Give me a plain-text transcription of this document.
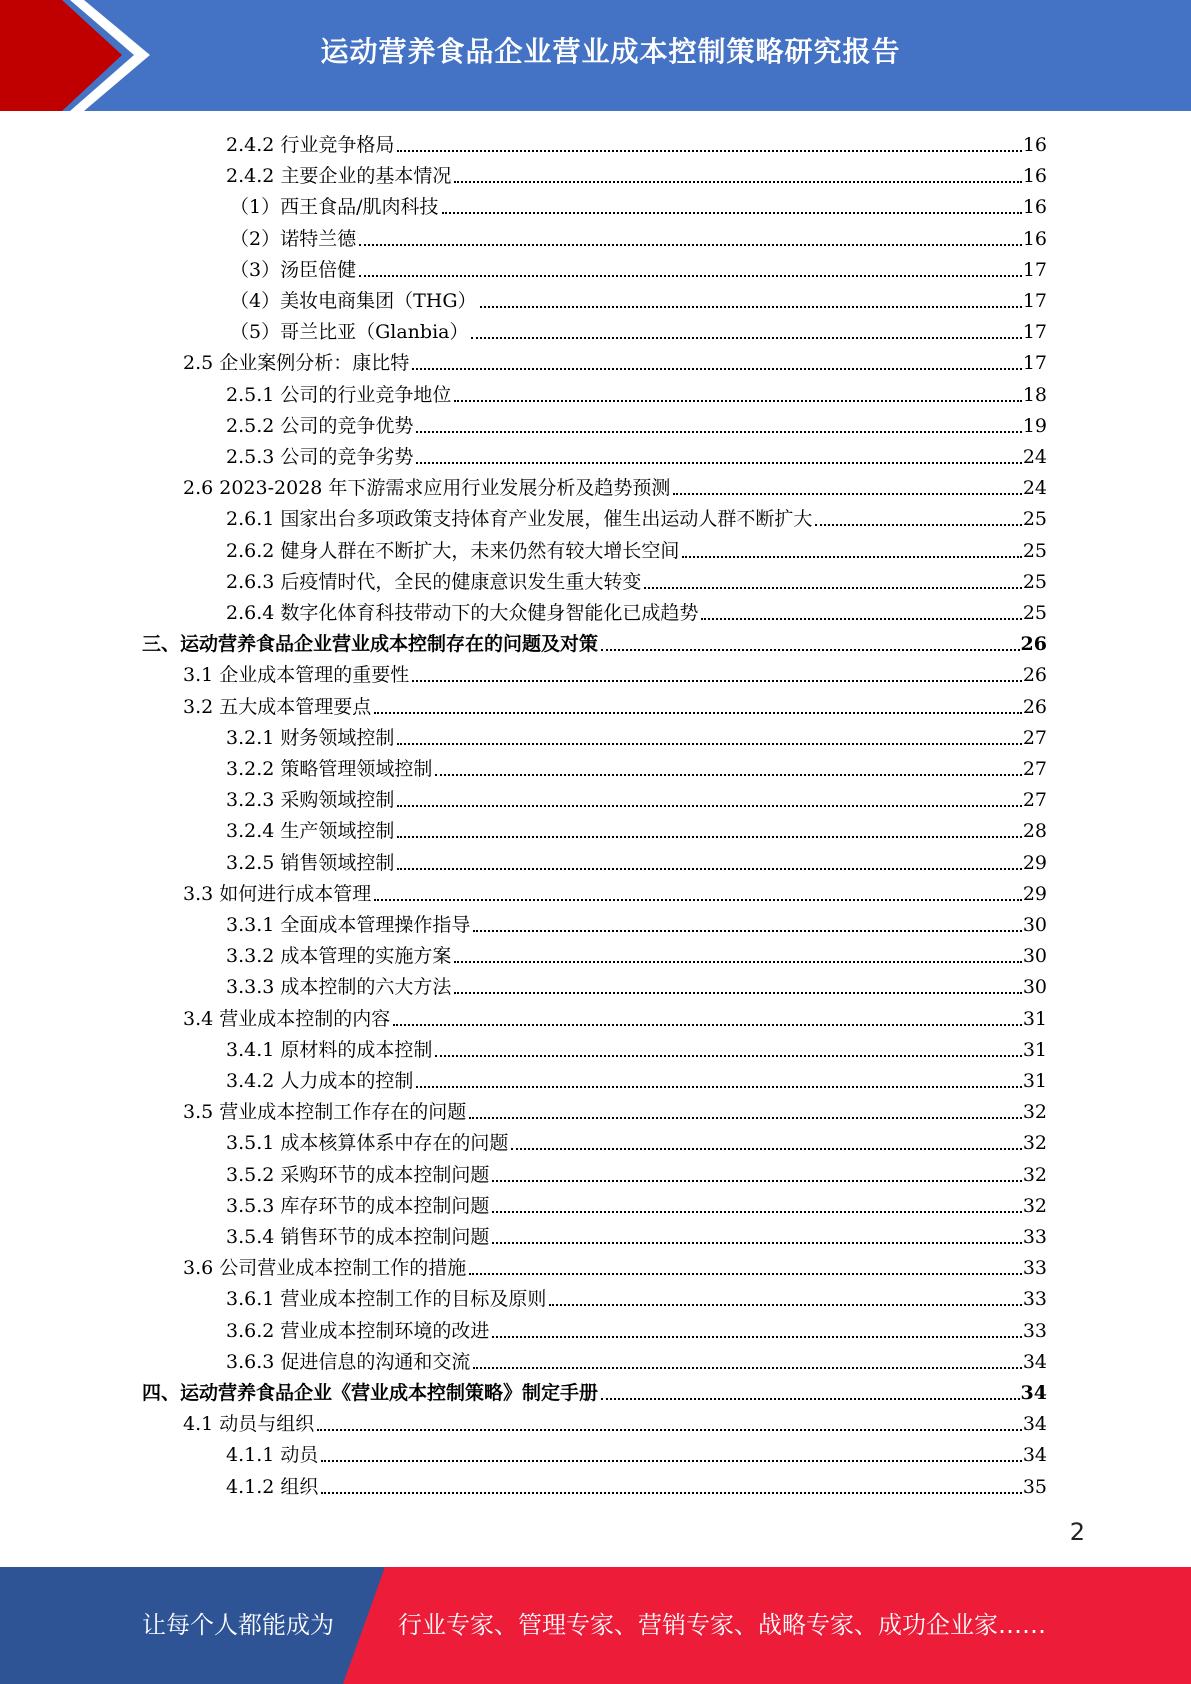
运动营养食品企业营业成本控制策略研究报告
2.4.2 行业竞争格局	16
2.4.2 主要企业的基本情况	16
（1）西王食品/肌肉科技	16
（2）诺特兰德	16
（3）汤臣倍健	17
（4）美妆电商集团（THG）	17
（5）哥兰比亚（Glanbia）	17
2.5 企业案例分析：康比特	17
2.5.1 公司的行业竞争地位	18
2.5.2 公司的竞争优势	19
2.5.3 公司的竞争劣势	24
2.6 2023-2028 年下游需求应用行业发展分析及趋势预测	24
2.6.1 国家出台多项政策支持体育产业发展，催生出运动人群不断扩大	25
2.6.2 健身人群在不断扩大，未来仍然有较大增长空间	25
2.6.3 后疫情时代，全民的健康意识发生重大转变	25
2.6.4 数字化体育科技带动下的大众健身智能化已成趋势	25
三、运动营养食品企业营业成本控制存在的问题及对策	26
3.1 企业成本管理的重要性	26
3.2 五大成本管理要点	26
3.2.1 财务领域控制	27
3.2.2 策略管理领域控制	27
3.2.3 采购领域控制	27
3.2.4 生产领域控制	28
3.2.5 销售领域控制	29
3.3 如何进行成本管理	29
3.3.1 全面成本管理操作指导	30
3.3.2 成本管理的实施方案	30
3.3.3 成本控制的六大方法	30
3.4 营业成本控制的内容	31
3.4.1 原材料的成本控制	31
3.4.2 人力成本的控制	31
3.5 营业成本控制工作存在的问题	32
3.5.1 成本核算体系中存在的问题	32
3.5.2 采购环节的成本控制问题	32
3.5.3 库存环节的成本控制问题	32
3.5.4 销售环节的成本控制问题	33
3.6 公司营业成本控制工作的措施	33
3.6.1 营业成本控制工作的目标及原则	33
3.6.2 营业成本控制环境的改进	33
3.6.3 促进信息的沟通和交流	34
四、运动营养食品企业《营业成本控制策略》制定手册	34
4.1 动员与组织	34
4.1.1 动员	34
4.1.2 组织	35
2
让每个人都能成为	行业专家、管理专家、营销专家、战略专家、成功企业家……
